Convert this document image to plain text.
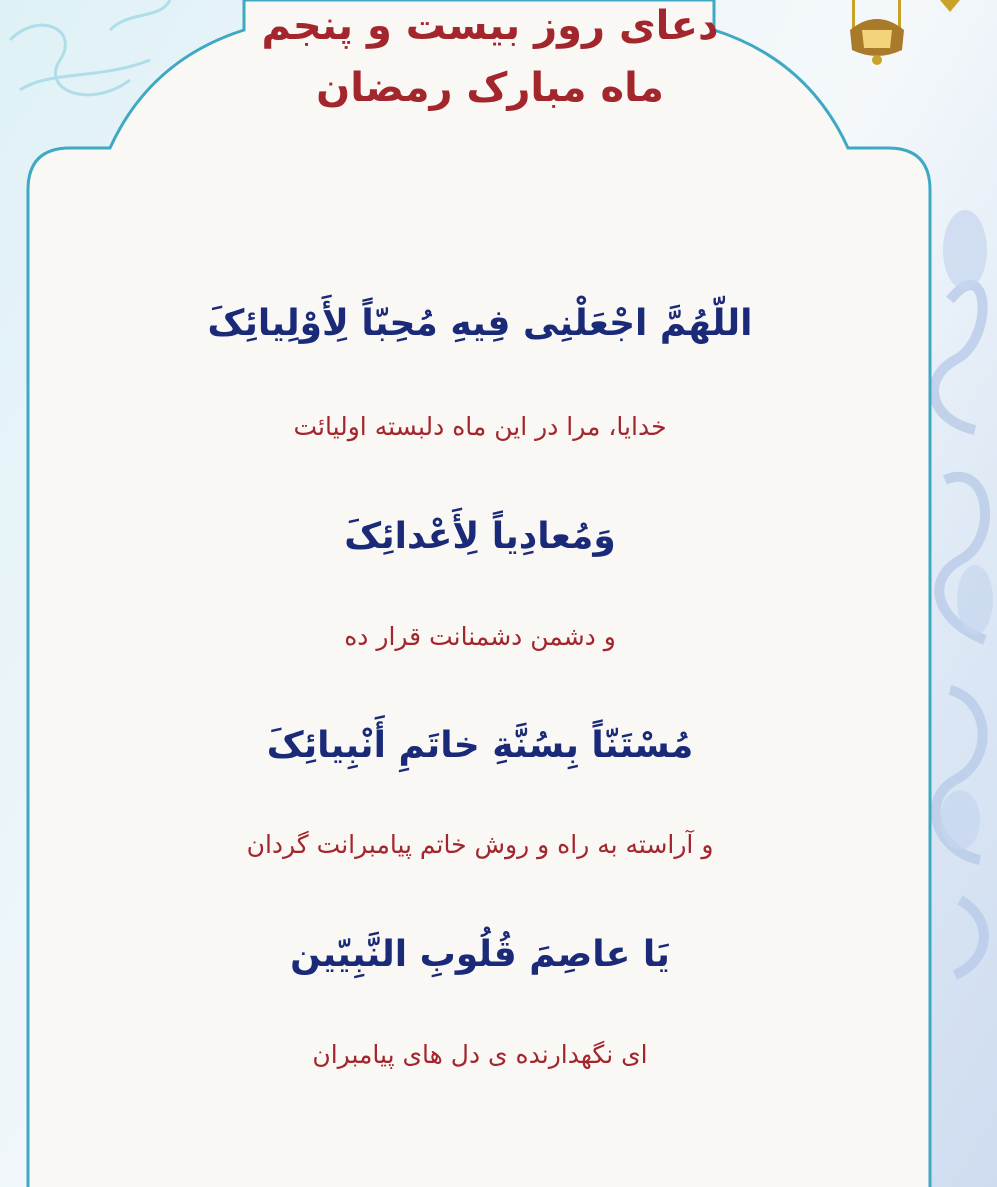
دعای روز بیست و پنجم
ماه مبارک رمضان
اللّهُمَّ اجْعَلْنِی فِیهِ مُحِبّاً لِأَوْلِیائِکَ
خدایا، مرا در این ماه دلبسته اولیائت
وَمُعادِیاً لِأَعْدائِکَ
و دشمن دشمنانت قرار ده
مُسْتَنّاً بِسُنَّةِ خاتَمِ أَنْبِیائِکَ
و آراسته به راه و روش خاتم پیامبرانت گردان
یَا عاصِمَ قُلُوبِ النَّبِیّین
ای نگهدارنده ی دل های پیامبران
